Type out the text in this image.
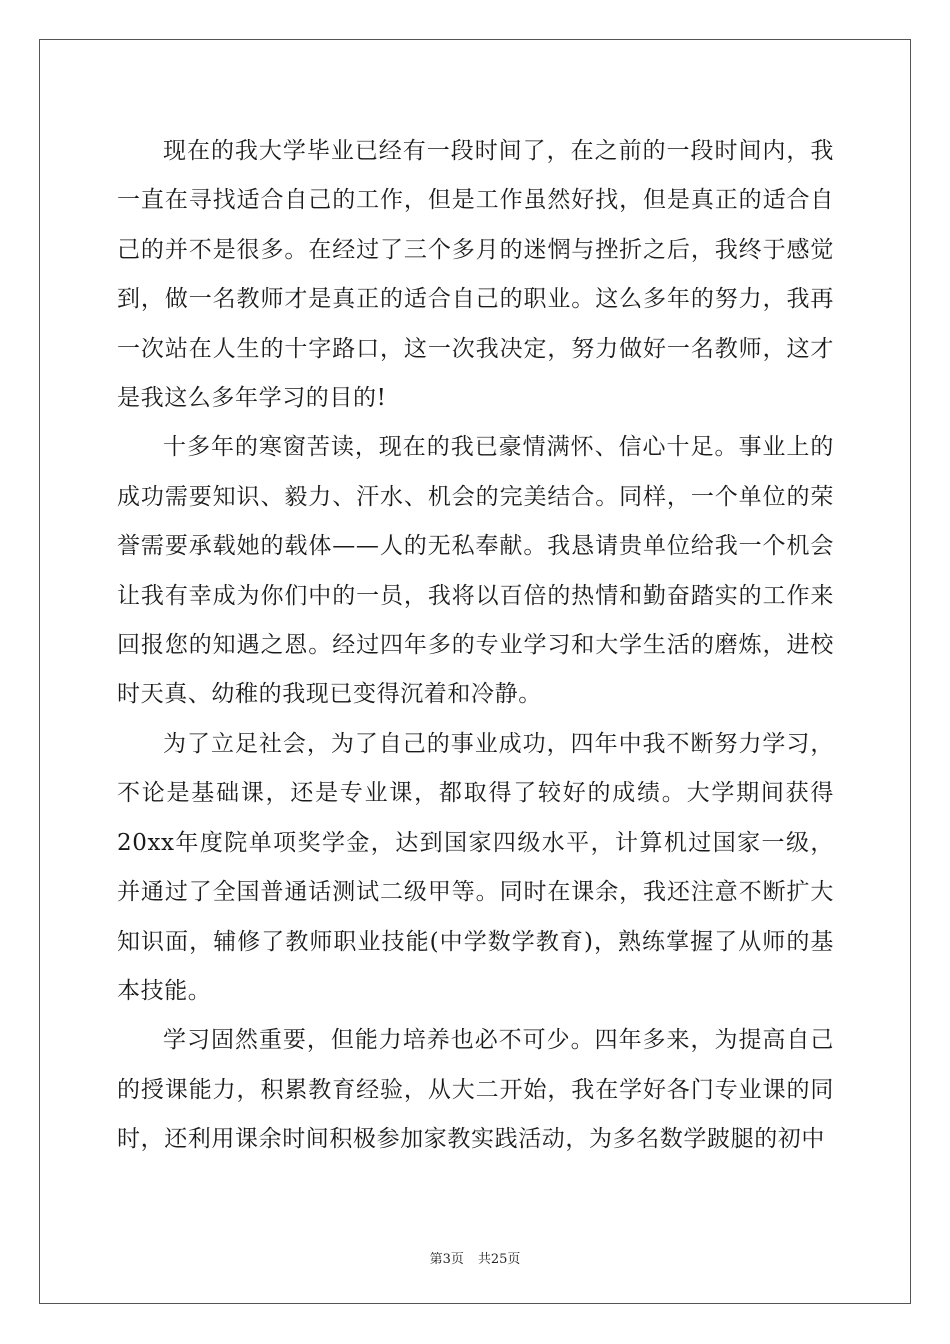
现在的我大学毕业已经有一段时间了，在之前的一段时间内，我一直在寻找适合自己的工作，但是工作虽然好找，但是真正的适合自己的并不是很多。在经过了三个多月的迷惘与挫折之后，我终于感觉到，做一名教师才是真正的适合自己的职业。这么多年的努力，我再一次站在人生的十字路口，这一次我决定，努力做好一名教师，这才是我这么多年学习的目的!

十多年的寒窗苦读，现在的我已豪情满怀、信心十足。事业上的成功需要知识、毅力、汗水、机会的完美结合。同样，一个单位的荣誉需要承载她的载体——人的无私奉献。我恳请贵单位给我一个机会让我有幸成为你们中的一员，我将以百倍的热情和勤奋踏实的工作来回报您的知遇之恩。经过四年多的专业学习和大学生活的磨炼，进校时天真、幼稚的我现已变得沉着和冷静。

为了立足社会，为了自己的事业成功，四年中我不断努力学习，不论是基础课，还是专业课，都取得了较好的成绩。大学期间获得20xx年度院单项奖学金，达到国家四级水平，计算机过国家一级，并通过了全国普通话测试二级甲等。同时在课余，我还注意不断扩大知识面，辅修了教师职业技能(中学数学教育)，熟练掌握了从师的基本技能。

学习固然重要，但能力培养也必不可少。四年多来，为提高自己的授课能力，积累教育经验，从大二开始，我在学好各门专业课的同时，还利用课余时间积极参加家教实践活动，为多名数学跛腿的初中

第3页 共25页
